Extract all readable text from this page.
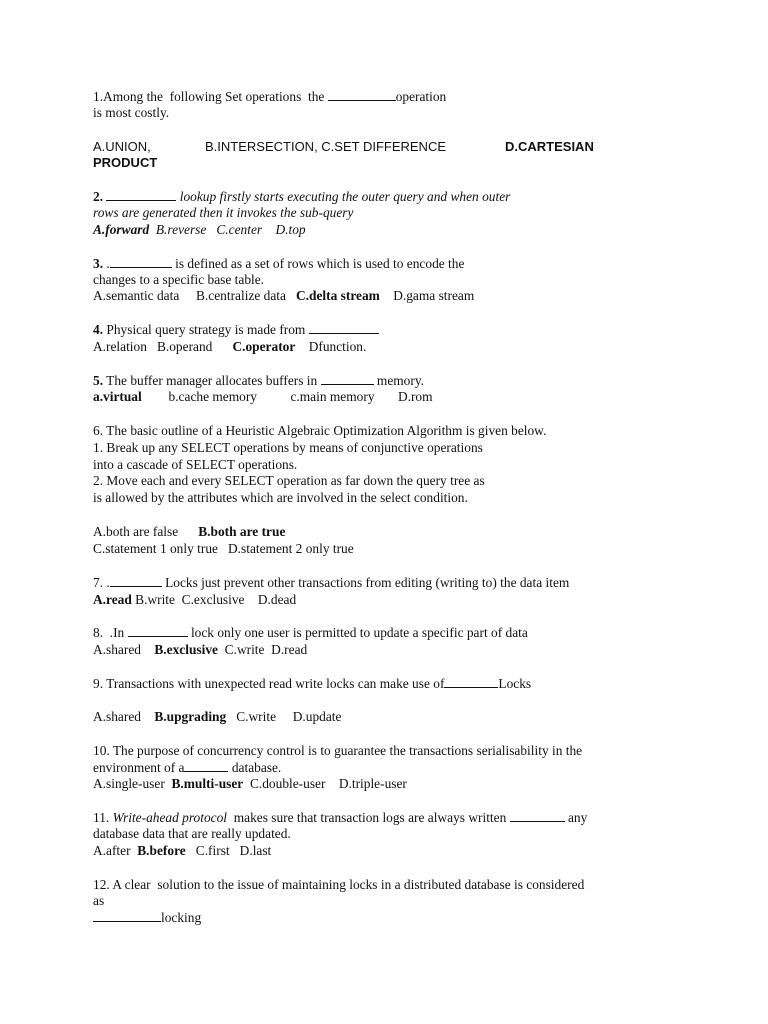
1.Among the  following Set operations  the	operation
is most costly.
A.UNION,	B.INTERSECTION, C.SET DIFFERENCE	D.CARTESIAN
PRODUCT
2.	lookup firstly starts executing the outer query and when outer
rows are generated then it invokes the sub-query
A.forward  B.reverse   C.center    D.top
3. .	is defined as a set of rows which is used to encode the
changes to a specific base table.
A.semantic data     B.centralize data   C.delta stream    D.gama stream
4. Physical query strategy is made from
A.relation   B.operand      C.operator    Dfunction.
5. The buffer manager allocates buffers in	memory.
a.virtual        b.cache memory          c.main memory       D.rom
6. The basic outline of a Heuristic Algebraic Optimization Algorithm is given below.
1. Break up any SELECT operations by means of conjunctive operations
into a cascade of SELECT operations.
2. Move each and every SELECT operation as far down the query tree as
is allowed by the attributes which are involved in the select condition.
A.both are false      B.both are true
C.statement 1 only true   D.statement 2 only true
7. .	Locks just prevent other transactions from editing (writing to) the data item
A.read B.write  C.exclusive    D.dead
8.  .In	lock only one user is permitted to update a specific part of data
A.shared    B.exclusive  C.write  D.read
9. Transactions with unexpected read write locks can make use of	Locks
A.shared    B.upgrading   C.write     D.update
10. The purpose of concurrency control is to guarantee the transactions serialisability in the
environment of a	database.
A.single-user  B.multi-user  C.double-user    D.triple-user
11. Write-ahead protocol  makes sure that transaction logs are always written	any
database data that are really updated.
A.after  B.before   C.first   D.last
12. A clear  solution to the issue of maintaining locks in a distributed database is considered
as
locking
